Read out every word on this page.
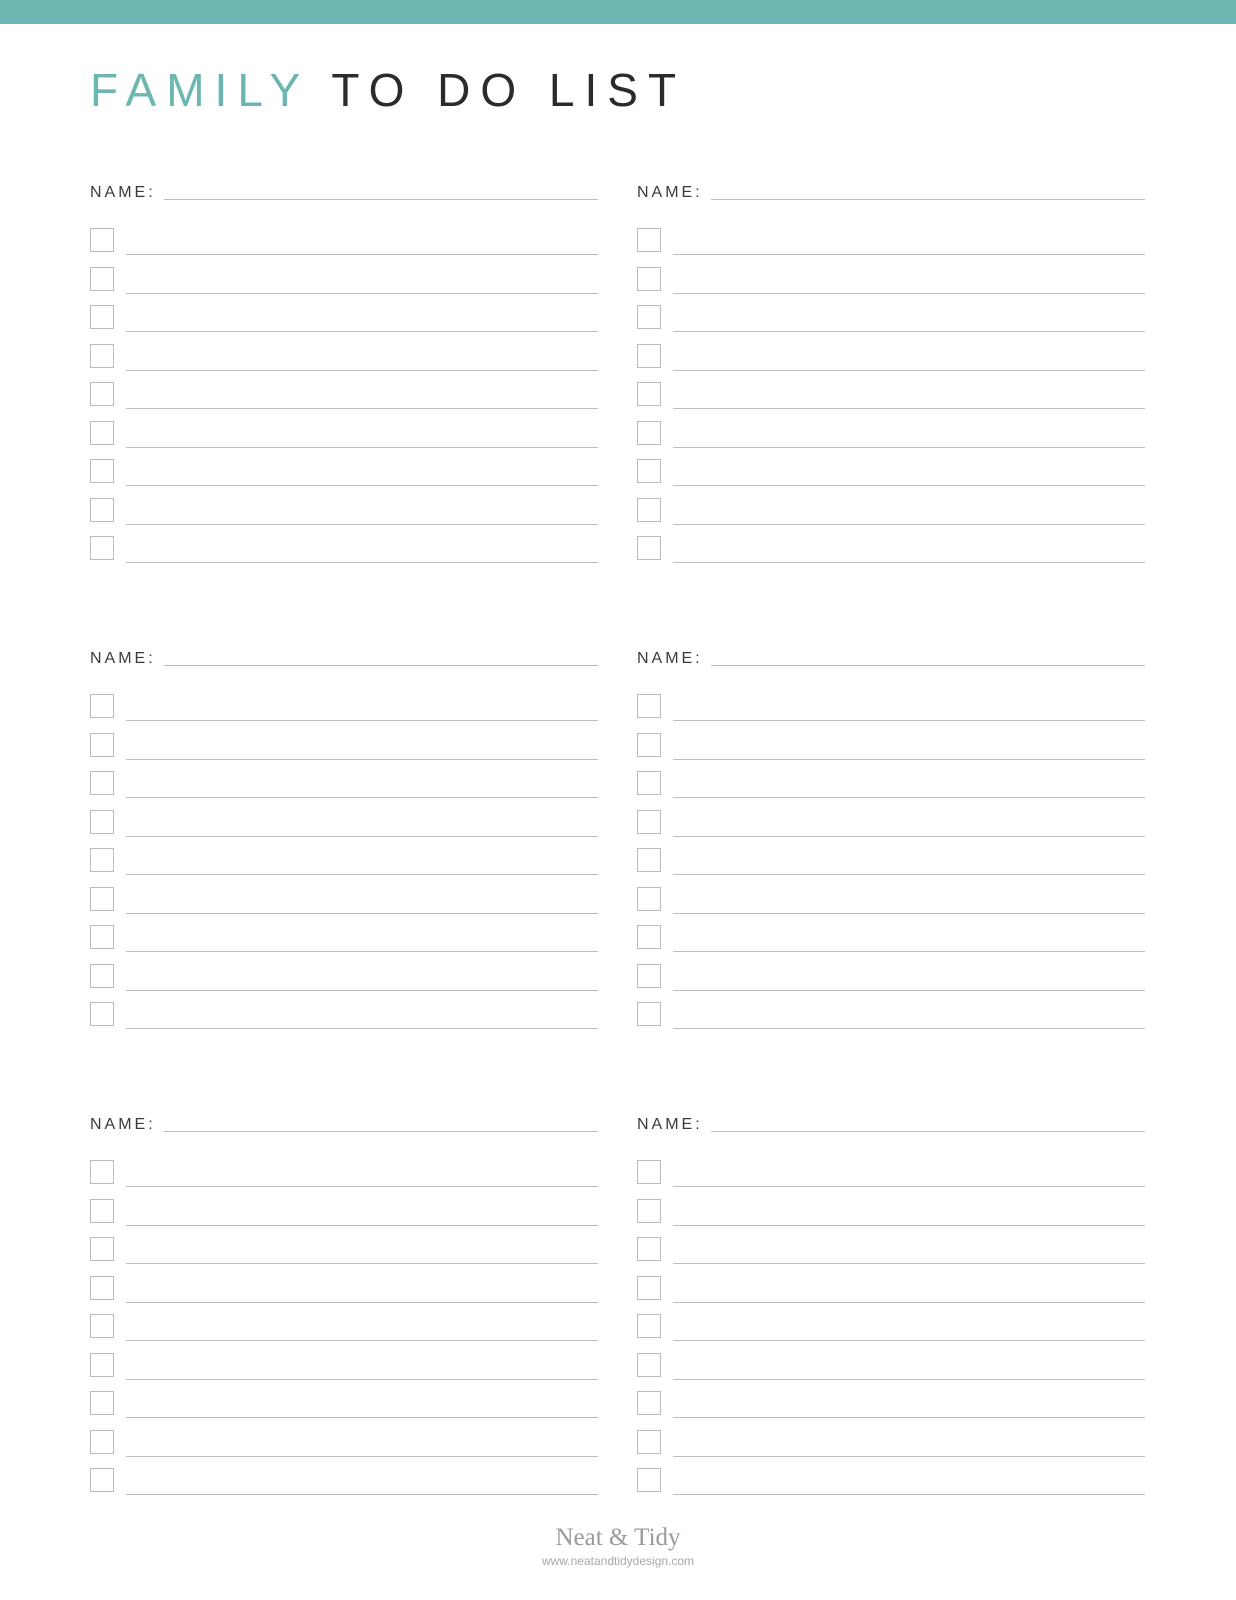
FAMILY TO DO LIST
NAME:	NAME:
NAME:	NAME:
NAME:	NAME:
Neat & Tidy
www.neatandtidydesign.com
